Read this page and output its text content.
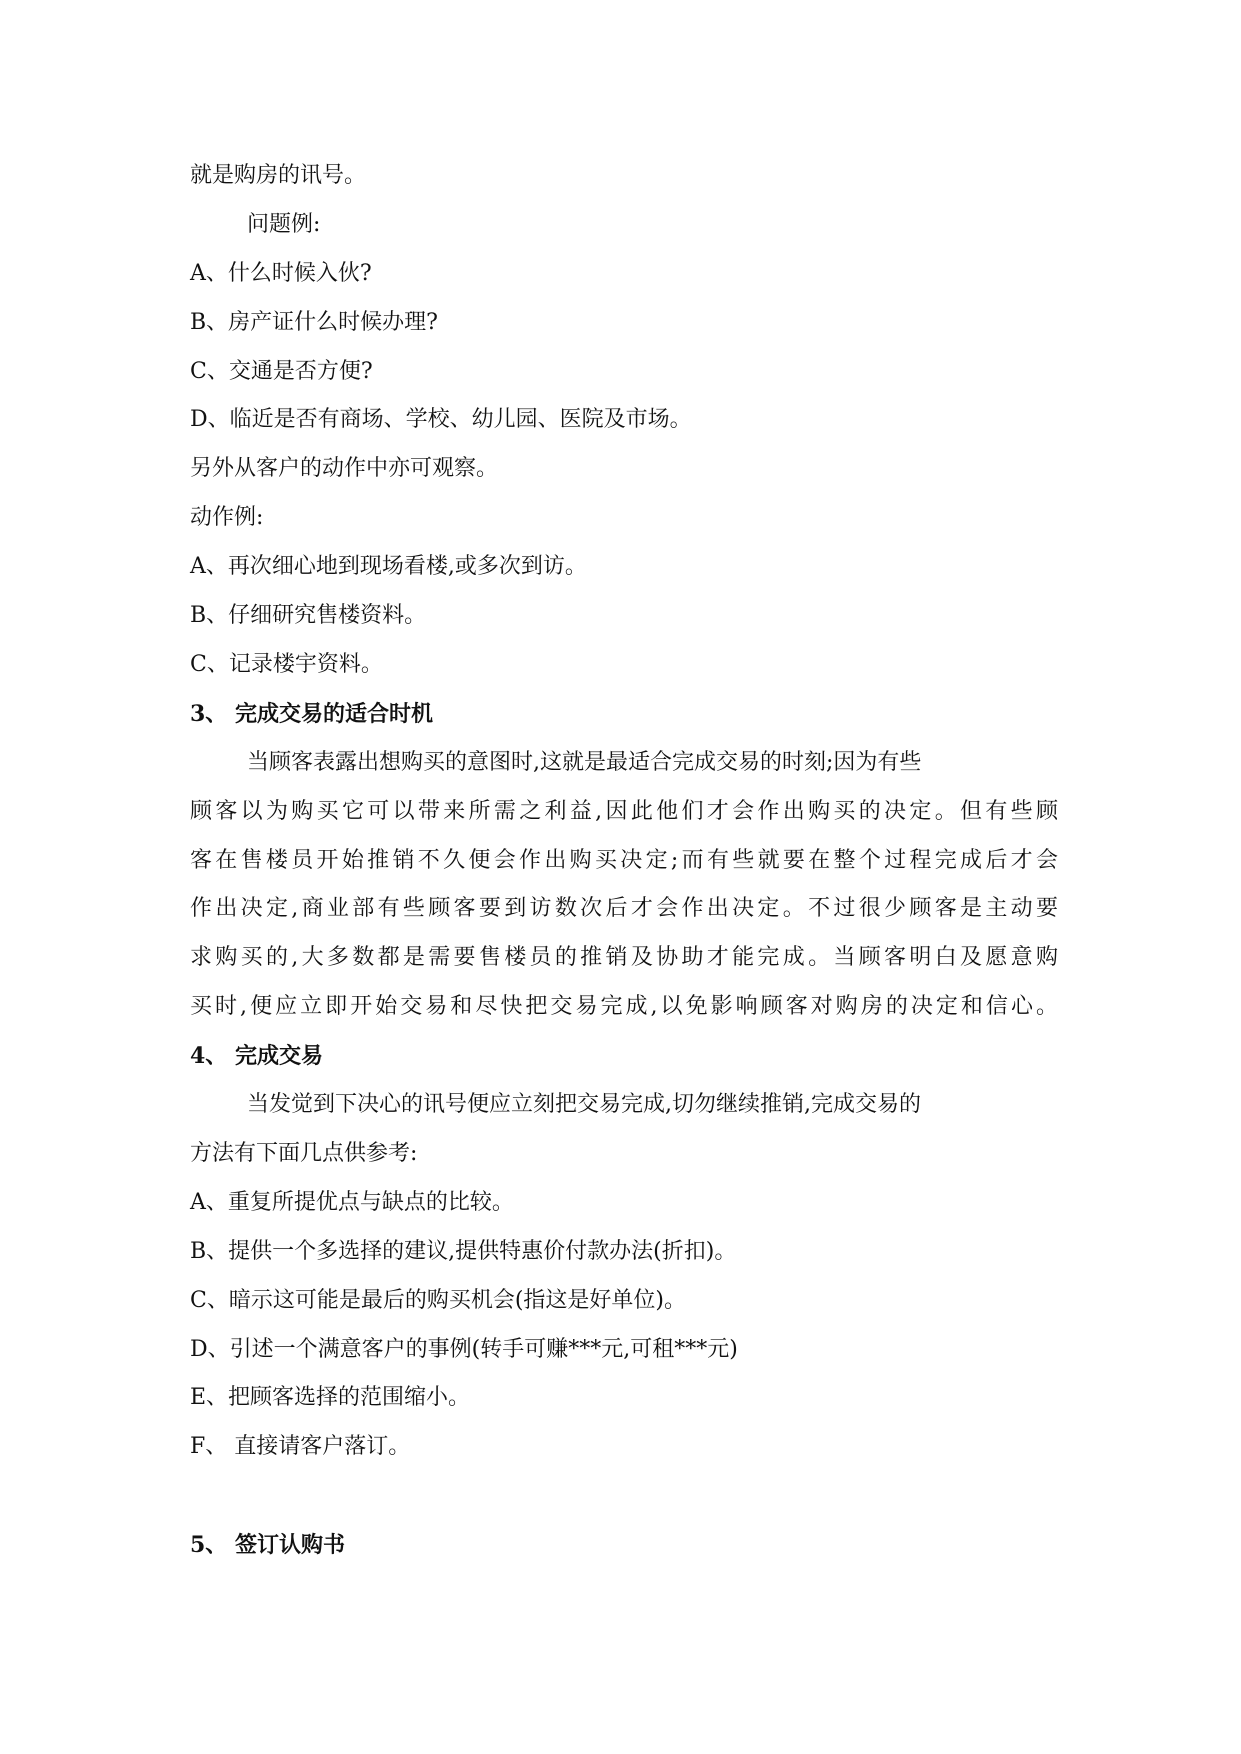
就是购房的讯号。
问题例:
A、什么时候入伙?
B、房产证什么时候办理?
C、交通是否方便?
D、临近是否有商场、学校、幼儿园、医院及市场。
另外从客户的动作中亦可观察。
动作例:
A、再次细心地到现场看楼,或多次到访。
B、仔细研究售楼资料。
C、记录楼宇资料。
3、 完成交易的适合时机
当顾客表露出想购买的意图时,这就是最适合完成交易的时刻;因为有些
顾客以为购买它可以带来所需之利益,因此他们才会作出购买的决定。但有些顾
客在售楼员开始推销不久便会作出购买决定;而有些就要在整个过程完成后才会
作出决定,商业部有些顾客要到访数次后才会作出决定。不过很少顾客是主动要
求购买的,大多数都是需要售楼员的推销及协助才能完成。当顾客明白及愿意购
买时,便应立即开始交易和尽快把交易完成,以免影响顾客对购房的决定和信心。
4、 完成交易
当发觉到下决心的讯号便应立刻把交易完成,切勿继续推销,完成交易的
方法有下面几点供参考:
A、重复所提优点与缺点的比较。
B、提供一个多选择的建议,提供特惠价付款办法(折扣)。
C、暗示这可能是最后的购买机会(指这是好单位)。
D、引述一个满意客户的事例(转手可赚***元,可租***元)
E、把顾客选择的范围缩小。
F、 直接请客户落订。
5、 签订认购书
